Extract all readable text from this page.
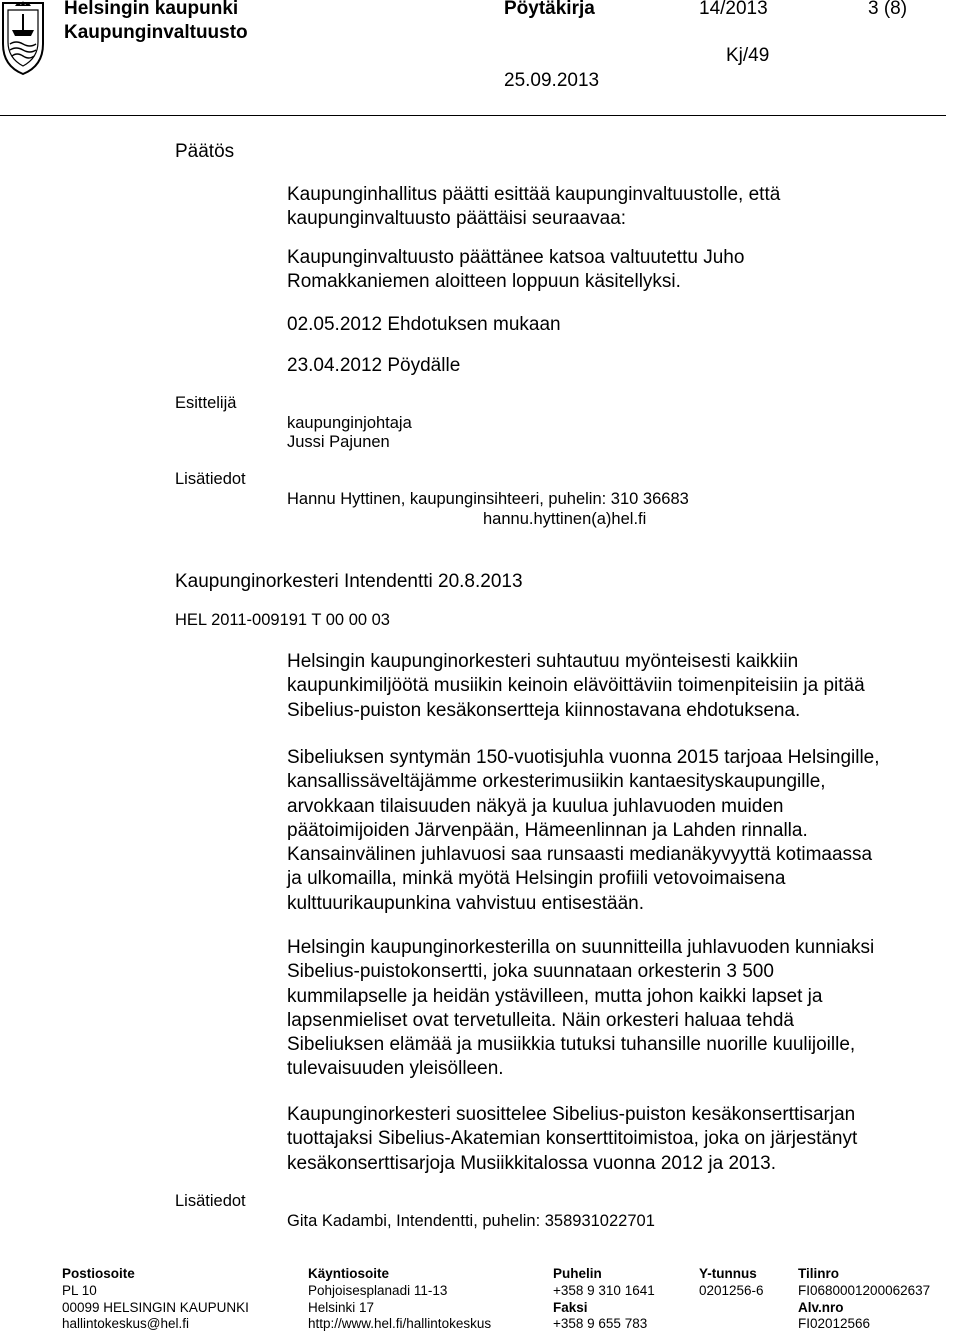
Helsingin kaupunki
Kaupunginvaltuusto
Pöytäkirja	14/2013	3 (8)
Kj/49
25.09.2013
Päätös
Kaupunginhallitus päätti esittää kaupunginvaltuustolle, että
kaupunginvaltuusto päättäisi seuraavaa:
Kaupunginvaltuusto päättänee katsoa valtuutettu Juho
Romakkaniemen aloitteen loppuun käsitellyksi.
02.05.2012 Ehdotuksen mukaan
23.04.2012 Pöydälle
Esittelijä
kaupunginjohtaja
Jussi Pajunen
Lisätiedot
Hannu Hyttinen, kaupunginsihteeri, puhelin: 310 36683
hannu.hyttinen(a)hel.fi
Kaupunginorkesteri Intendentti 20.8.2013
HEL 2011-009191 T 00 00 03
Helsingin kaupunginorkesteri suhtautuu myönteisesti kaikkiin
kaupunkimiljöötä musiikin keinoin elävöittäviin toimenpiteisiin ja pitää
Sibelius-puiston kesäkonsertteja kiinnostavana ehdotuksena.
Sibeliuksen syntymän 150-vuotisjuhla vuonna 2015 tarjoaa Helsingille,
kansallissäveltäjämme orkesterimusiikin kantaesityskaupungille,
arvokkaan tilaisuuden näkyä ja kuulua juhlavuoden muiden
päätoimijoiden Järvenpään, Hämeenlinnan ja Lahden rinnalla.
Kansainvälinen juhlavuosi saa runsaasti medianäkyvyyttä kotimaassa
ja ulkomailla, minkä myötä Helsingin profiili vetovoimaisena
kulttuurikaupunkina vahvistuu entisestään.
Helsingin kaupunginorkesterilla on suunnitteilla juhlavuoden kunniaksi
Sibelius-puistokonsertti, joka suunnataan orkesterin 3 500
kummilapselle ja heidän ystävilleen, mutta johon kaikki lapset ja
lapsenmieliset ovat tervetulleita. Näin orkesteri haluaa tehdä
Sibeliuksen elämää ja musiikkia tutuksi tuhansille nuorille kuulijoille,
tulevaisuuden yleisölleen.
Kaupunginorkesteri suosittelee Sibelius-puiston kesäkonserttisarjan
tuottajaksi Sibelius-Akatemian konserttitoimistoa, joka on järjestänyt
kesäkonserttisarjoja Musiikkitalossa vuonna 2012 ja 2013.
Lisätiedot
Gita Kadambi, Intendentti, puhelin: 358931022701
Postiosoite
PL 10
00099 HELSINGIN KAUPUNKI
hallintokeskus@hel.fi
Käyntiosoite
Pohjoisesplanadi 11-13
Helsinki 17
http://www.hel.fi/hallintokeskus
Puhelin
+358 9 310 1641
Faksi
+358 9 655 783
Y-tunnus
0201256-6
Tilinro
FI0680001200062637
Alv.nro
FI02012566
